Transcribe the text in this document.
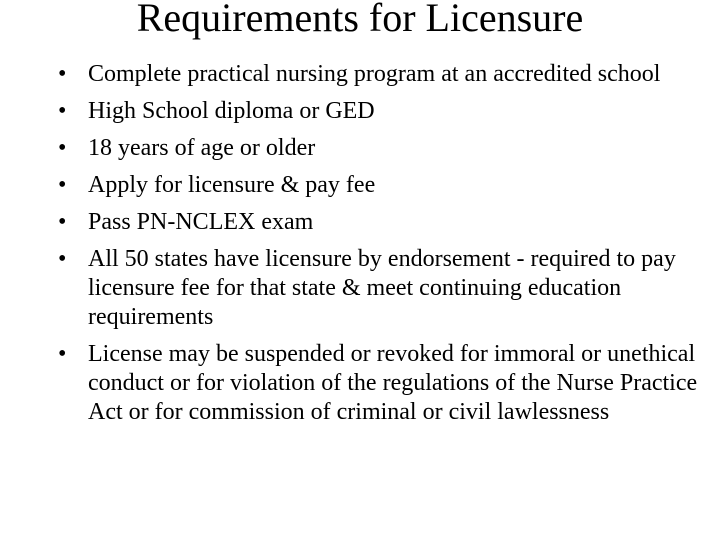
Requirements for Licensure
• Complete practical nursing program at an accredited school
• High School diploma or GED
• 18 years of age or older
• Apply for licensure & pay fee
• Pass PN-NCLEX exam
• All 50 states have licensure by endorsement - required to pay licensure fee for that state & meet continuing education requirements
• License may be suspended or revoked for immoral or unethical conduct or for violation of the regulations of the Nurse Practice Act or for commission of criminal or civil lawlessness
